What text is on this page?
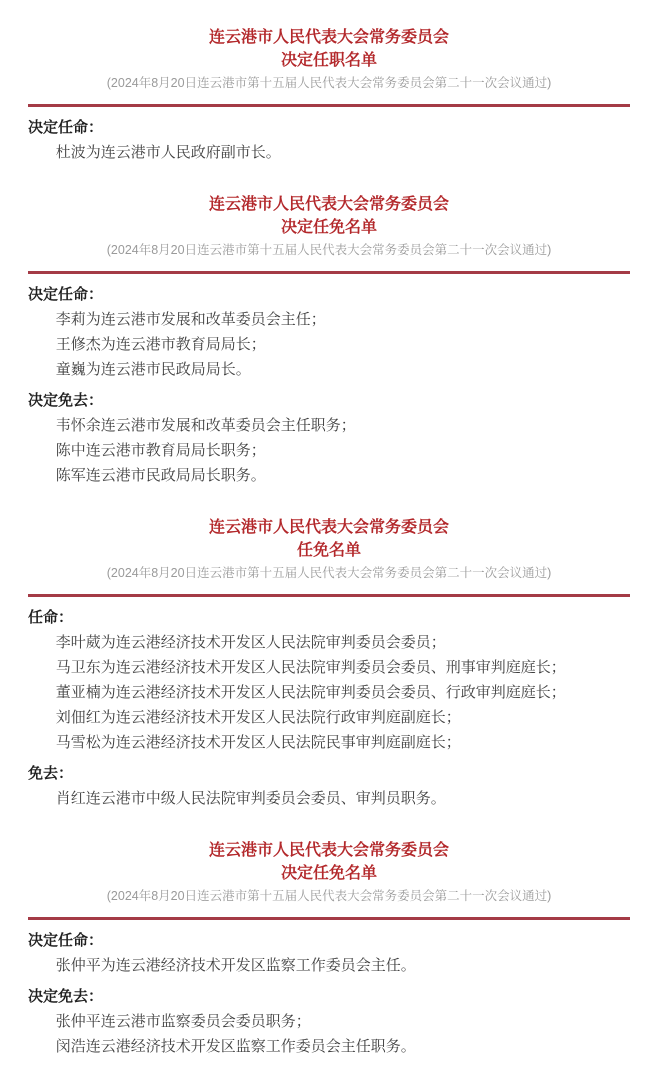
连云港市人民代表大会常务委员会
决定任职名单

(2024年8月20日连云港市第十五届人民代表大会常务委员会第二十一次会议通过)

决定任命：

杜波为连云港市人民政府副市长。

连云港市人民代表大会常务委员会
决定任免名单

(2024年8月20日连云港市第十五届人民代表大会常务委员会第二十一次会议通过)

决定任命：

李莉为连云港市发展和改革委员会主任；

王修杰为连云港市教育局局长；

童巍为连云港市民政局局长。

决定免去：

韦怀余连云港市发展和改革委员会主任职务；

陈中连云港市教育局局长职务；

陈军连云港市民政局局长职务。

连云港市人民代表大会常务委员会
任免名单

(2024年8月20日连云港市第十五届人民代表大会常务委员会第二十一次会议通过)

任命：

李叶葳为连云港经济技术开发区人民法院审判委员会委员；

马卫东为连云港经济技术开发区人民法院审判委员会委员、刑事审判庭庭长；

董亚楠为连云港经济技术开发区人民法院审判委员会委员、行政审判庭庭长；

刘佃红为连云港经济技术开发区人民法院行政审判庭副庭长；

马雪松为连云港经济技术开发区人民法院民事审判庭副庭长；

免去：

肖红连云港市中级人民法院审判委员会委员、审判员职务。

连云港市人民代表大会常务委员会
决定任免名单

(2024年8月20日连云港市第十五届人民代表大会常务委员会第二十一次会议通过)

决定任命：

张仲平为连云港经济技术开发区监察工作委员会主任。

决定免去：

张仲平连云港市监察委员会委员职务；

闵浩连云港经济技术开发区监察工作委员会主任职务。
